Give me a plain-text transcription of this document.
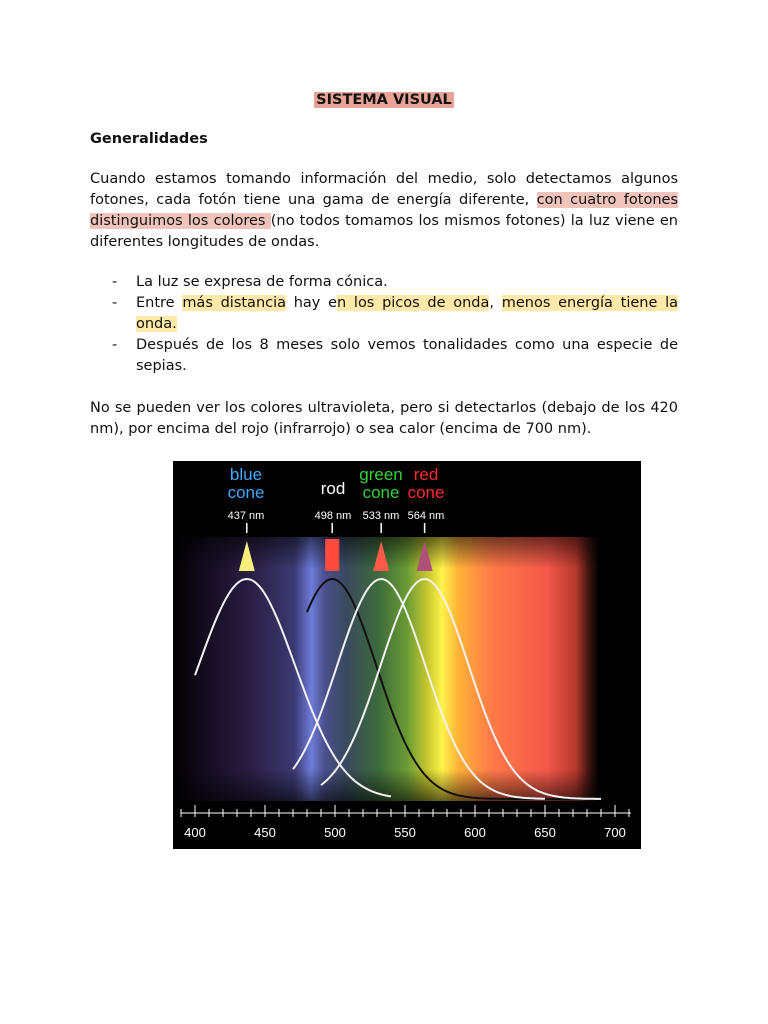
SISTEMA VISUAL
Generalidades
Cuando estamos tomando información del medio, solo detectamos algunos fotones, cada fotón tiene una gama de energía diferente, con cuatro fotones distinguimos los colores (no todos tomamos los mismos fotones) la luz viene en diferentes longitudes de ondas.
- La luz se expresa de forma cónica.
- Entre más distancia hay en los picos de onda, menos energía tiene la onda.
- Después de los 8 meses solo vemos tonalidades como una especie de sepias.
No se pueden ver los colores ultravioleta, pero si detectarlos (debajo de los 420 nm), por encima del rojo (infrarrojo) o sea calor (encima de 700 nm).
blue
cone
437 nm
rod
498 nm
green
cone
533 nm
red
cone
564 nm
400	450	500	550	600	650	700
